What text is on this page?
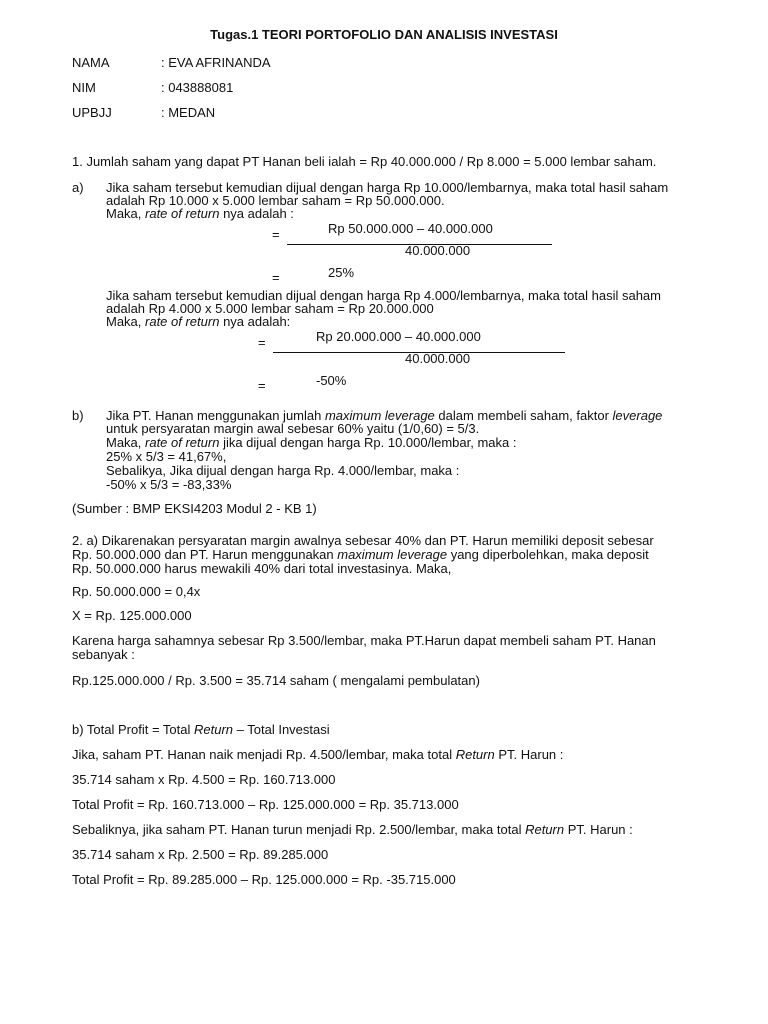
Tugas.1 TEORI PORTOFOLIO DAN ANALISIS INVESTASI
NAMA	: EVA AFRINANDA
NIM	: 043888081
UPBJJ	: MEDAN
1. Jumlah saham yang dapat PT Hanan beli ialah = Rp 40.000.000 / Rp 8.000 = 5.000 lembar saham.
a) Jika saham tersebut kemudian dijual dengan harga Rp 10.000/lembarnya, maka total hasil saham
adalah Rp 10.000 x 5.000 lembar saham = Rp 50.000.000.
Maka, rate of return nya adalah :
=	Rp 50.000.000 – 40.000.000
40.000.000
=	25%
Jika saham tersebut kemudian dijual dengan harga Rp 4.000/lembarnya, maka total hasil saham
adalah Rp 4.000 x 5.000 lembar saham = Rp 20.000.000
Maka, rate of return nya adalah:
=	Rp 20.000.000 – 40.000.000
40.000.000
=	-50%
b) Jika PT. Hanan menggunakan jumlah maximum leverage dalam membeli saham, faktor leverage
untuk persyaratan margin awal sebesar 60% yaitu (1/0,60) = 5/3.
Maka, rate of return jika dijual dengan harga Rp. 10.000/lembar, maka :
25% x 5/3 = 41,67%,
Sebalikya, Jika dijual dengan harga Rp. 4.000/lembar, maka :
-50% x 5/3 = -83,33%
(Sumber : BMP EKSI4203 Modul 2 - KB 1)
2. a) Dikarenakan persyaratan margin awalnya sebesar 40% dan PT. Harun memiliki deposit sebesar
Rp. 50.000.000 dan PT. Harun menggunakan maximum leverage yang diperbolehkan, maka deposit
Rp. 50.000.000 harus mewakili 40% dari total investasinya. Maka,
Rp. 50.000.000 = 0,4x
X = Rp. 125.000.000
Karena harga sahamnya sebesar Rp 3.500/lembar, maka PT.Harun dapat membeli saham PT. Hanan
sebanyak :
Rp.125.000.000 / Rp. 3.500 = 35.714 saham ( mengalami pembulatan)
b) Total Profit = Total Return – Total Investasi
Jika, saham PT. Hanan naik menjadi Rp. 4.500/lembar, maka total Return PT. Harun :
35.714 saham x Rp. 4.500 = Rp. 160.713.000
Total Profit = Rp. 160.713.000 – Rp. 125.000.000 = Rp. 35.713.000
Sebaliknya, jika saham PT. Hanan turun menjadi Rp. 2.500/lembar, maka total Return PT. Harun :
35.714 saham x Rp. 2.500 = Rp. 89.285.000
Total Profit = Rp. 89.285.000 – Rp. 125.000.000 = Rp. -35.715.000
